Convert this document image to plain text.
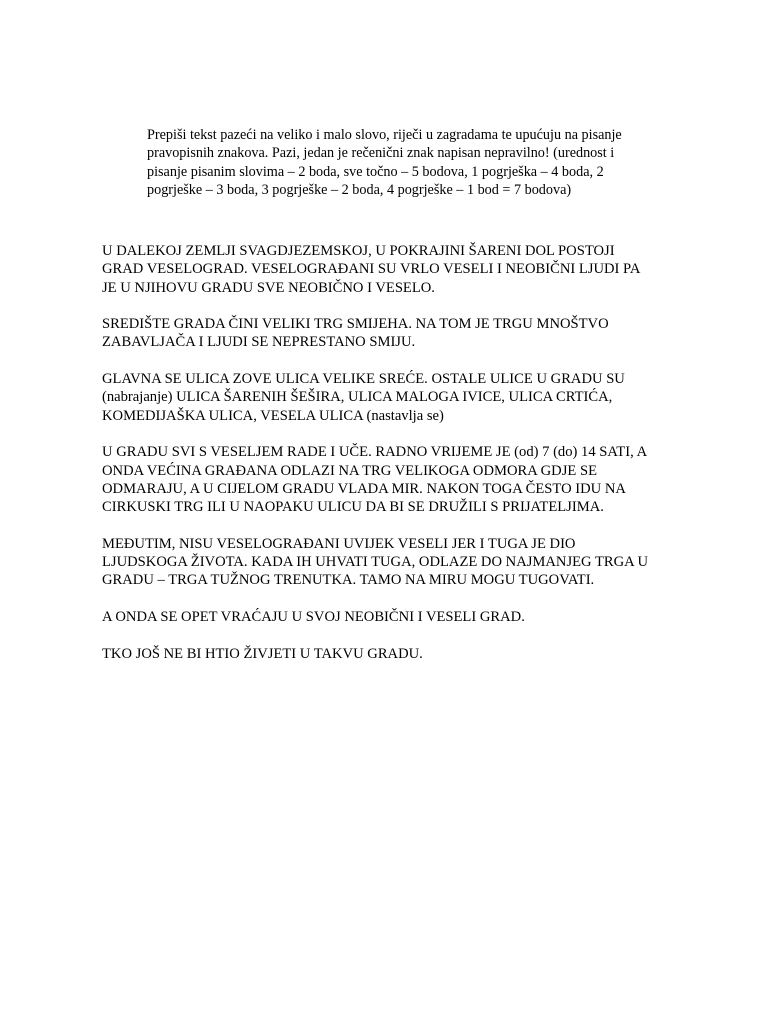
Prepiši tekst pazeći na veliko i malo slovo, riječi u zagradama te upućuju na pisanje
pravopisnih znakova. Pazi, jedan je rečenični znak napisan nepravilno! (urednost i
pisanje pisanim slovima – 2 boda, sve točno – 5 bodova, 1 pogrješka – 4 boda, 2
pogrješke – 3 boda, 3 pogrješke – 2 boda, 4 pogrješke – 1 bod = 7 bodova)

U DALEKOJ ZEMLJI SVAGDJEZEMSKOJ, U POKRAJINI ŠARENI DOL POSTOJI
GRAD VESELOGRAD. VESELOGRAĐANI SU VRLO VESELI I NEOBIČNI LJUDI PA
JE U NJIHOVU GRADU SVE NEOBIČNO I VESELO.

SREDIŠTE GRADA ČINI VELIKI TRG SMIJEHA. NA TOM JE TRGU MNOŠTVO
ZABAVLJAČA I LJUDI SE NEPRESTANO SMIJU.

GLAVNA SE ULICA ZOVE ULICA VELIKE SREĆE. OSTALE ULICE U GRADU SU
(nabrajanje) ULICA ŠARENIH ŠEŠIRA, ULICA MALOGA IVICE, ULICA CRTIĆA,
KOMEDIJAŠKA ULICA, VESELA ULICA (nastavlja se)

U GRADU SVI S VESELJEM RADE I UČE. RADNO VRIJEME JE (od) 7 (do) 14 SATI, A
ONDA VEĆINA GRAĐANA ODLAZI NA TRG VELIKOGA ODMORA GDJE SE
ODMARAJU, A U CIJELOM GRADU VLADA MIR. NAKON TOGA ČESTO IDU NA
CIRKUSKI TRG ILI U NAOPAKU ULICU DA BI SE DRUŽILI S PRIJATELJIMA.

MEĐUTIM, NISU VESELOGRAĐANI UVIJEK VESELI JER I TUGA JE DIO
LJUDSKOGA ŽIVOTA. KADA IH UHVATI TUGA, ODLAZE DO NAJMANJEG TRGA U
GRADU – TRGA TUŽNOG TRENUTKA. TAMO NA MIRU MOGU TUGOVATI.

A ONDA SE OPET VRAĆAJU U SVOJ NEOBIČNI I VESELI GRAD.

TKO JOŠ NE BI HTIO ŽIVJETI U TAKVU GRADU.
